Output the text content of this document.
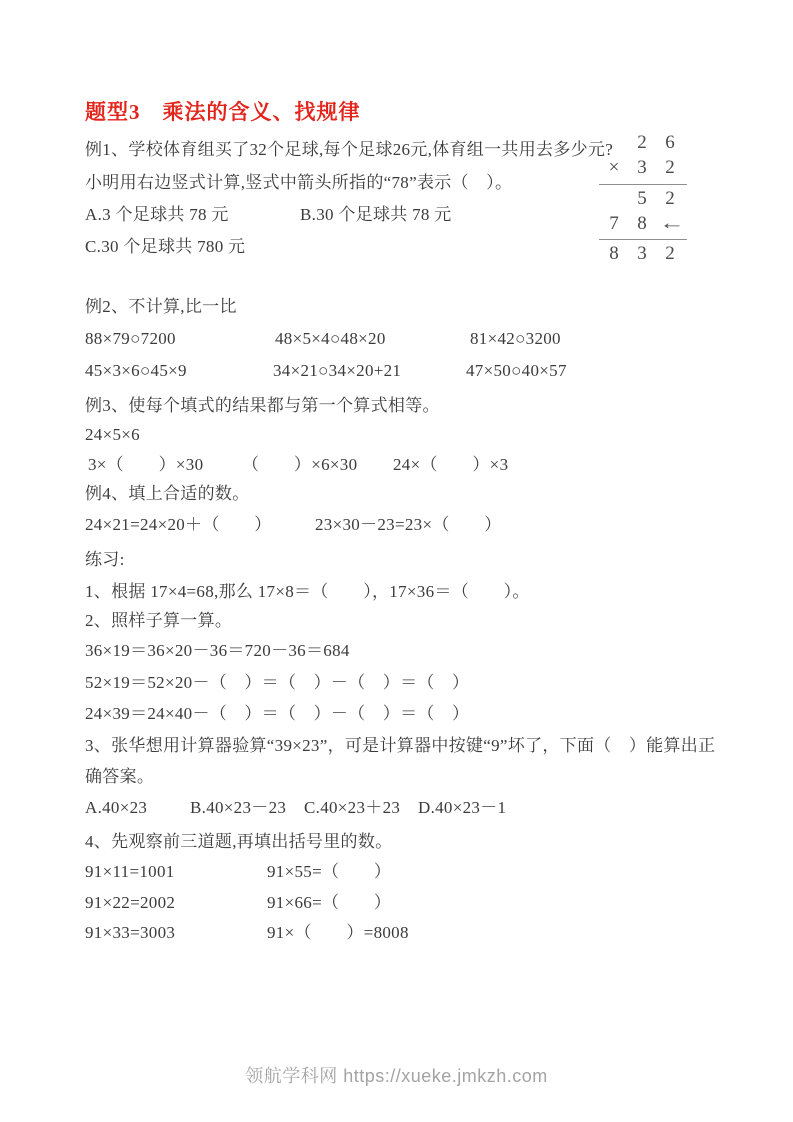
题型3　乘法的含义、找规律
例1、学校体育组买了32个足球,每个足球26元,体育组一共用去多少元?
小明用右边竖式计算,竖式中箭头所指的“78”表示（　）。
A.3 个足球共 78 元	B.30 个足球共 78 元
C.30 个足球共 780 元
2 6
× 3 2
5 2
7 8 ←
8 3 2
例2、不计算,比一比
88×79○7200	48×5×4○48×20	81×42○3200
45×3×6○45×9	34×21○34×20+21	47×50○40×57
例3、使每个填式的结果都与第一个算式相等。
24×5×6
3×（　　）×30 （　　）×6×30 24×（　　）×3
例4、填上合适的数。
24×21=24×20＋（　　）	23×30－23=23×（　　）
练习:
1、根据 17×4=68,那么 17×8＝（　　），17×36＝（　　）。
2、照样子算一算。
36×19＝36×20－36＝720－36＝684
52×19＝52×20－（　）＝（　）－（　）＝（　）
24×39＝24×40－（　）＝（　）－（　）＝（　）
3、张华想用计算器验算“39×23”，可是计算器中按键“9”坏了，下面（　）能算出正
确答案。
A.40×23	B.40×23－23 C.40×23＋23 D.40×23－1
4、先观察前三道题,再填出括号里的数。
91×11=1001	91×55=（　　）
91×22=2002	91×66=（　　）
91×33=3003	91×（　　）=8008
领航学科网 https://xueke.jmkzh.com
